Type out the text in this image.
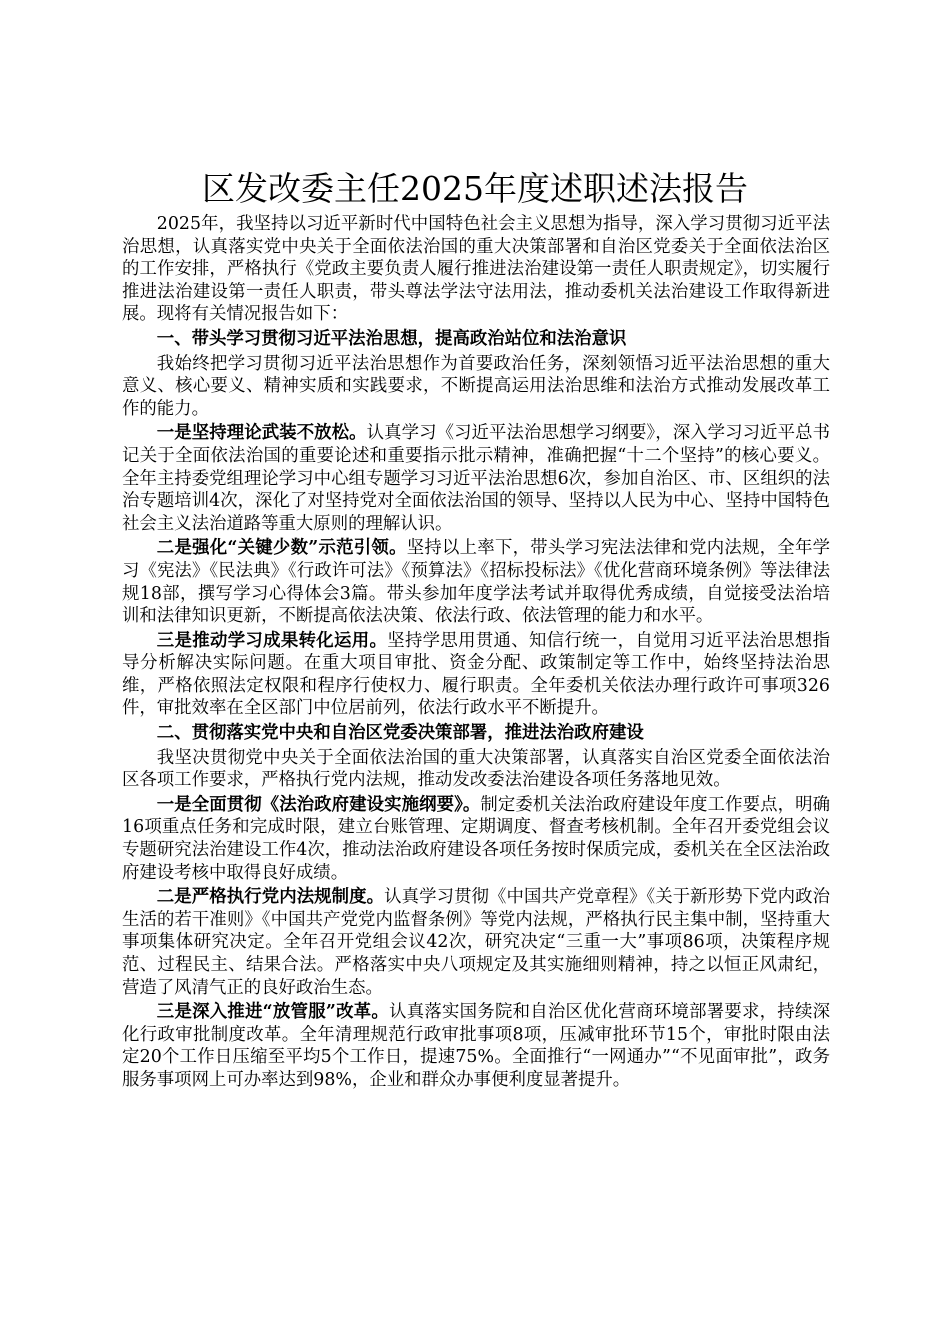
区发改委主任2025年度述职述法报告

2025年，我坚持以习近平新时代中国特色社会主义思想为指导，深入学习贯彻习近平法治思想，认真落实党中央关于全面依法治国的重大决策部署和自治区党委关于全面依法治区的工作安排，严格执行《党政主要负责人履行推进法治建设第一责任人职责规定》，切实履行推进法治建设第一责任人职责，带头尊法学法守法用法，推动委机关法治建设工作取得新进展。现将有关情况报告如下：

一、带头学习贯彻习近平法治思想，提高政治站位和法治意识

我始终把学习贯彻习近平法治思想作为首要政治任务，深刻领悟习近平法治思想的重大意义、核心要义、精神实质和实践要求，不断提高运用法治思维和法治方式推动发展改革工作的能力。

一是坚持理论武装不放松。认真学习《习近平法治思想学习纲要》，深入学习习近平总书记关于全面依法治国的重要论述和重要指示批示精神，准确把握“十二个坚持”的核心要义。全年主持委党组理论学习中心组专题学习习近平法治思想6次，参加自治区、市、区组织的法治专题培训4次，深化了对坚持党对全面依法治国的领导、坚持以人民为中心、坚持中国特色社会主义法治道路等重大原则的理解认识。

二是强化“关键少数”示范引领。坚持以上率下，带头学习宪法法律和党内法规，全年学习《宪法》《民法典》《行政许可法》《预算法》《招标投标法》《优化营商环境条例》等法律法规18部，撰写学习心得体会3篇。带头参加年度学法考试并取得优秀成绩，自觉接受法治培训和法律知识更新，不断提高依法决策、依法行政、依法管理的能力和水平。

三是推动学习成果转化运用。坚持学思用贯通、知信行统一，自觉用习近平法治思想指导分析解决实际问题。在重大项目审批、资金分配、政策制定等工作中，始终坚持法治思维，严格依照法定权限和程序行使权力、履行职责。全年委机关依法办理行政许可事项326件，审批效率在全区部门中位居前列，依法行政水平不断提升。

二、贯彻落实党中央和自治区党委决策部署，推进法治政府建设

我坚决贯彻党中央关于全面依法治国的重大决策部署，认真落实自治区党委全面依法治区各项工作要求，严格执行党内法规，推动发改委法治建设各项任务落地见效。

一是全面贯彻《法治政府建设实施纲要》。制定委机关法治政府建设年度工作要点，明确16项重点任务和完成时限，建立台账管理、定期调度、督查考核机制。全年召开委党组会议专题研究法治建设工作4次，推动法治政府建设各项任务按时保质完成，委机关在全区法治政府建设考核中取得良好成绩。

二是严格执行党内法规制度。认真学习贯彻《中国共产党章程》《关于新形势下党内政治生活的若干准则》《中国共产党党内监督条例》等党内法规，严格执行民主集中制，坚持重大事项集体研究决定。全年召开党组会议42次，研究决定“三重一大”事项86项，决策程序规范、过程民主、结果合法。严格落实中央八项规定及其实施细则精神，持之以恒正风肃纪，营造了风清气正的良好政治生态。

三是深入推进“放管服”改革。认真落实国务院和自治区优化营商环境部署要求，持续深化行政审批制度改革。全年清理规范行政审批事项8项，压减审批环节15个，审批时限由法定20个工作日压缩至平均5个工作日，提速75%。全面推行“一网通办”“不见面审批”，政务服务事项网上可办率达到98%，企业和群众办事便利度显著提升。
